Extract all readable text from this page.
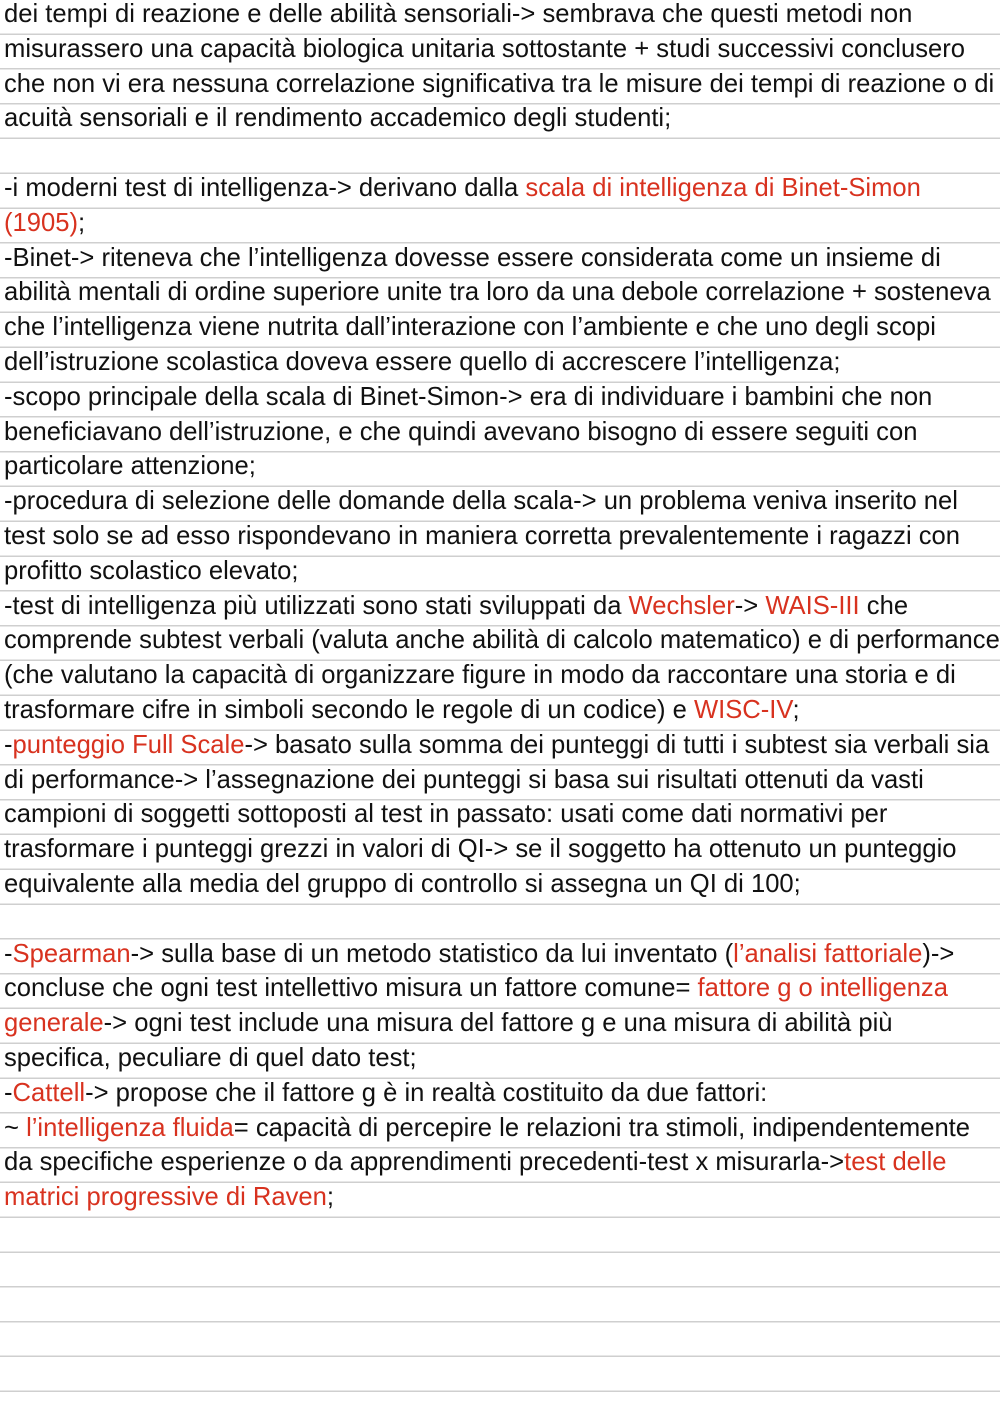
dei tempi di reazione e delle abilità sensoriali-> sembrava che questi metodi non misurassero una capacità biologica unitaria sottostante + studi successivi conclusero che non vi era nessuna correlazione significativa tra le misure dei tempi di reazione o di acuità sensoriali e il rendimento accademico degli studenti;

-i moderni test di intelligenza-> derivano dalla scala di intelligenza di Binet-Simon (1905);

-Binet-> riteneva che l’intelligenza dovesse essere considerata come un insieme di abilità mentali di ordine superiore unite tra loro da una debole correlazione + sosteneva che l’intelligenza viene nutrita dall’interazione con l’ambiente e che uno degli scopi dell’istruzione scolastica doveva essere quello di accrescere l’intelligenza;

-scopo principale della scala di Binet-Simon-> era di individuare i bambini che non beneficiavano dell’istruzione, e che quindi avevano bisogno di essere seguiti con particolare attenzione;

-procedura di selezione delle domande della scala-> un problema veniva inserito nel test solo se ad esso rispondevano in maniera corretta prevalentemente i ragazzi con profitto scolastico elevato;

-test di intelligenza più utilizzati sono stati sviluppati da Wechsler-> WAIS-III che comprende subtest verbali (valuta anche abilità di calcolo matematico) e di performance (che valutano la capacità di organizzare figure in modo da raccontare una storia e di trasformare cifre in simboli secondo le regole di un codice) e WISC-IV;

-punteggio Full Scale-> basato sulla somma dei punteggi di tutti i subtest sia verbali sia di performance-> l’assegnazione dei punteggi si basa sui risultati ottenuti da vasti campioni di soggetti sottoposti al test in passato: usati come dati normativi per trasformare i punteggi grezzi in valori di QI-> se il soggetto ha ottenuto un punteggio equivalente alla media del gruppo di controllo si assegna un QI di 100;

-Spearman-> sulla base di un metodo statistico da lui inventato (l’analisi fattoriale)-> concluse che ogni test intellettivo misura un fattore comune= fattore g o intelligenza generale-> ogni test include una misura del fattore g e una misura di abilità più specifica, peculiare di quel dato test;

-Cattell-> propose che il fattore g è in realtà costituito da due fattori:

~ l’intelligenza fluida= capacità di percepire le relazioni tra stimoli, indipendentemente da specifiche esperienze o da apprendimenti precedenti-test x misurarla->test delle matrici progressive di Raven;
